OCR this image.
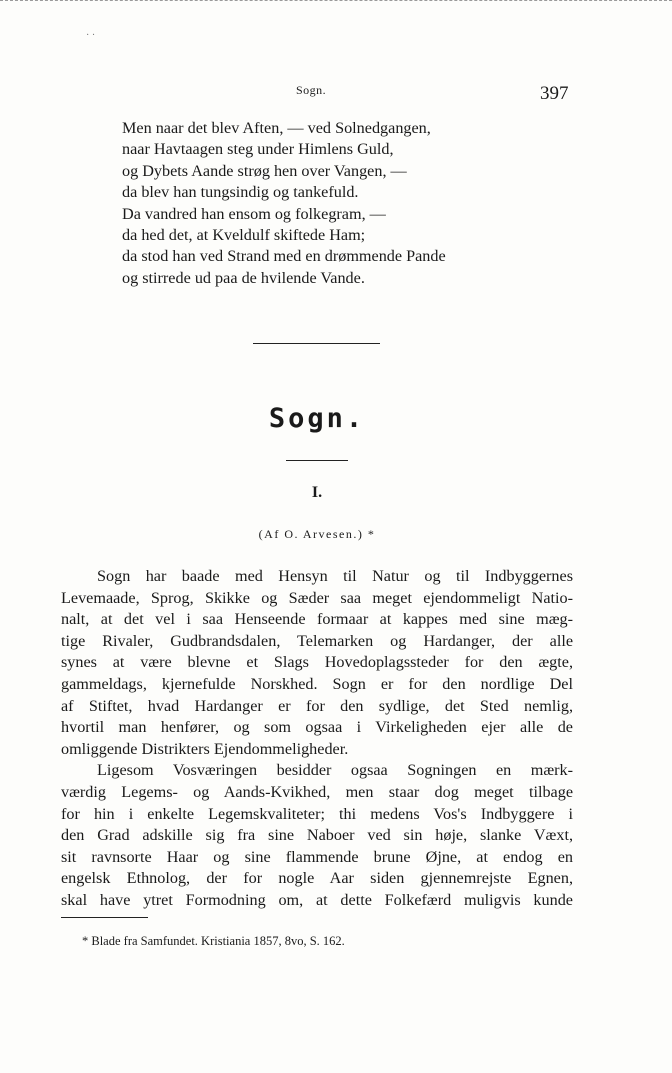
· ·
Sogn.	397
Men naar det blev Aften, — ved Solnedgangen,
naar Havtaagen steg under Himlens Guld,
og Dybets Aande strøg hen over Vangen, —
da blev han tungsindig og tankefuld.
Da vandred han ensom og folkegram, —
da hed det, at Kveldulf skiftede Ham;
da stod han ved Strand med en drømmende Pande
og stirrede ud paa de hvilende Vande.
Sogn.
I.
(Af O. Arvesen.) *
Sogn har baade med Hensyn til Natur og til Indbyggernes
Levemaade, Sprog, Skikke og Sæder saa meget ejendommeligt Natio-
nalt, at det vel i saa Henseende formaar at kappes med sine mæg-
tige Rivaler, Gudbrandsdalen, Telemarken og Hardanger, der alle
synes at være blevne et Slags Hovedoplagssteder for den ægte,
gammeldags, kjernefulde Norskhed. Sogn er for den nordlige Del
af Stiftet, hvad Hardanger er for den sydlige, det Sted nemlig,
hvortil man henfører, og som ogsaa i Virkeligheden ejer alle de
omliggende Distrikters Ejendommeligheder.
Ligesom Vosværingen besidder ogsaa Sogningen en mærk-
værdig Legems- og Aands-Kvikhed, men staar dog meget tilbage
for hin i enkelte Legemskvaliteter; thi medens Vos's Indbyggere i
den Grad adskille sig fra sine Naboer ved sin høje, slanke Væxt,
sit ravnsorte Haar og sine flammende brune Øjne, at endog en
engelsk Ethnolog, der for nogle Aar siden gjennemrejste Egnen,
skal have ytret Formodning om, at dette Folkefærd muligvis kunde
* Blade fra Samfundet. Kristiania 1857, 8vo, S. 162.
